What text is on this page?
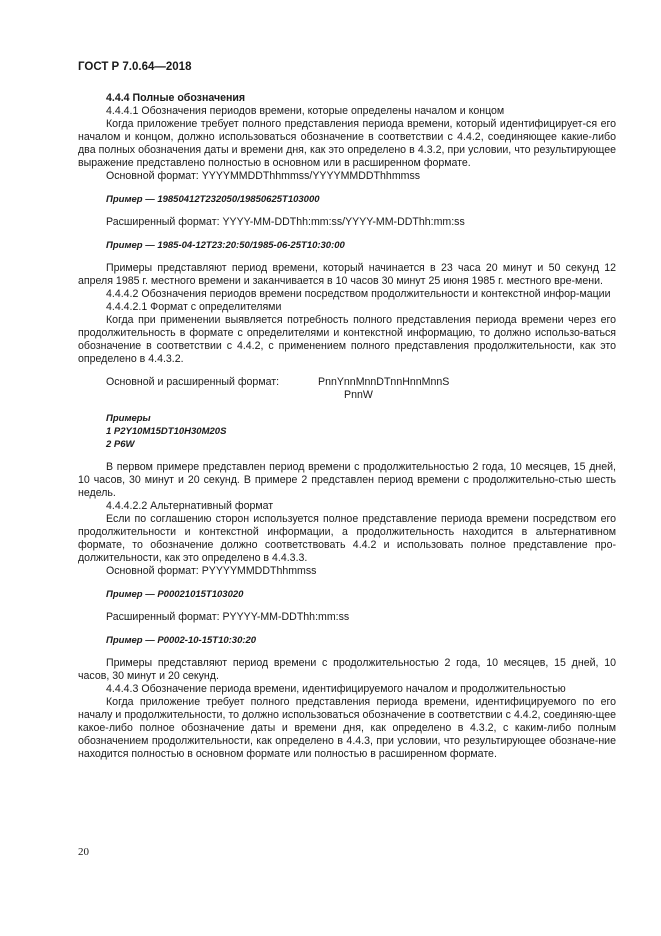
ГОСТ Р 7.0.64—2018

4.4.4 Полные обозначения

4.4.4.1 Обозначения периодов времени, которые определены началом и концом

Когда приложение требует полного представления периода времени, который идентифицирует-ся его началом и концом, должно использоваться обозначение в соответствии с 4.4.2, соединяющее какие-либо два полных обозначения даты и времени дня, как это определено в 4.3.2, при условии, что результирующее выражение представлено полностью в основном или в расширенном формате.

Основной формат: YYYYMMDDThhmmss/YYYYMMDDThhmmss

Пример — 19850412T232050/19850625T103000

Расширенный формат: YYYY-MM-DDThh:mm:ss/YYYY-MM-DDThh:mm:ss

Пример — 1985-04-12T23:20:50/1985-06-25T10:30:00

Примеры представляют период времени, который начинается в 23 часа 20 минут и 50 секунд 12 апреля 1985 г. местного времени и заканчивается в 10 часов 30 минут 25 июня 1985 г. местного вре-мени.

4.4.4.2 Обозначения периодов времени посредством продолжительности и контекстной инфор-мации

4.4.4.2.1 Формат с определителями

Когда при применении выявляется потребность полного представления периода времени через его продолжительность в формате с определителями и контекстной информацию, то должно использо-ваться обозначение в соответствии с 4.4.2, с применением полного представления продолжительности, как это определено в 4.4.3.2.

Основной и расширенный формат:	PnnYnnMnnDTnnHnnMnnS

PnnW

Примеры

1 P2Y10M15DT10H30M20S

2 P6W

В первом примере представлен период времени с продолжительностью 2 года, 10 месяцев, 15 дней, 10 часов, 30 минут и 20 секунд. В примере 2 представлен период времени с продолжительно-стью шесть недель.

4.4.4.2.2 Альтернативный формат

Если по соглашению сторон используется полное представление периода времени посредством его продолжительности и контекстной информации, а продолжительность находится в альтернативном формате, то обозначение должно соответствовать 4.4.2 и использовать полное представление про-должительности, как это определено в 4.4.3.3.

Основной формат: PYYYYMMDDThhmmss

Пример — P00021015T103020

Расширенный формат: PYYYY-MM-DDThh:mm:ss

Пример — P0002-10-15T10:30:20

Примеры представляют период времени с продолжительностью 2 года, 10 месяцев, 15 дней, 10 часов, 30 минут и 20 секунд.

4.4.4.3 Обозначение периода времени, идентифицируемого началом и продолжительностью

Когда приложение требует полного представления периода времени, идентифицируемого по его началу и продолжительности, то должно использоваться обозначение в соответствии с 4.4.2, соединяю-щее какое-либо полное обозначение даты и времени дня, как определено в 4.3.2, с каким-либо полным обозначением продолжительности, как определено в 4.4.3, при условии, что результирующее обозначе-ние находится полностью в основном формате или полностью в расширенном формате.

20
